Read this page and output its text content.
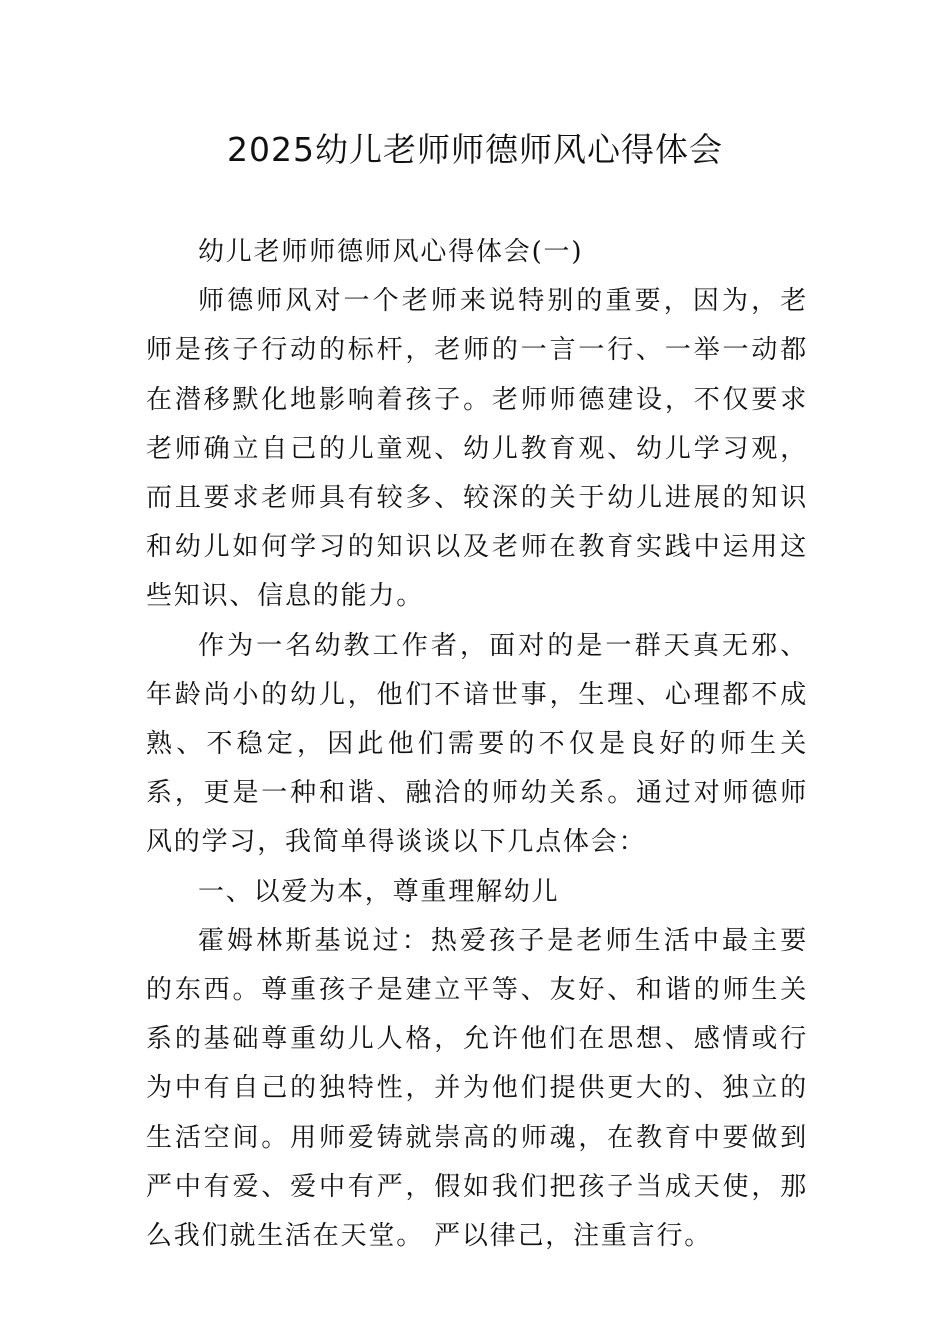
2025幼儿老师师德师风心得体会

幼儿老师师德师风心得体会(一)

师德师风对一个老师来说特别的重要，因为，老师是孩子行动的标杆，老师的一言一行、一举一动都在潜移默化地影响着孩子。老师师德建设，不仅要求老师确立自己的儿童观、幼儿教育观、幼儿学习观，而且要求老师具有较多、较深的关于幼儿进展的知识和幼儿如何学习的知识以及老师在教育实践中运用这些知识、信息的能力。

作为一名幼教工作者，面对的是一群天真无邪、年龄尚小的幼儿，他们不谙世事，生理、心理都不成熟、不稳定，因此他们需要的不仅是良好的师生关系，更是一种和谐、融洽的师幼关系。通过对师德师风的学习，我简单得谈谈以下几点体会：

一、以爱为本，尊重理解幼儿

霍姆林斯基说过：热爱孩子是老师生活中最主要的东西。尊重孩子是建立平等、友好、和谐的师生关系的基础尊重幼儿人格，允许他们在思想、感情或行为中有自己的独特性，并为他们提供更大的、独立的生活空间。用师爱铸就崇高的师魂，在教育中要做到严中有爱、爱中有严，假如我们把孩子当成天使，那么我们就生活在天堂。 严以律己，注重言行。
